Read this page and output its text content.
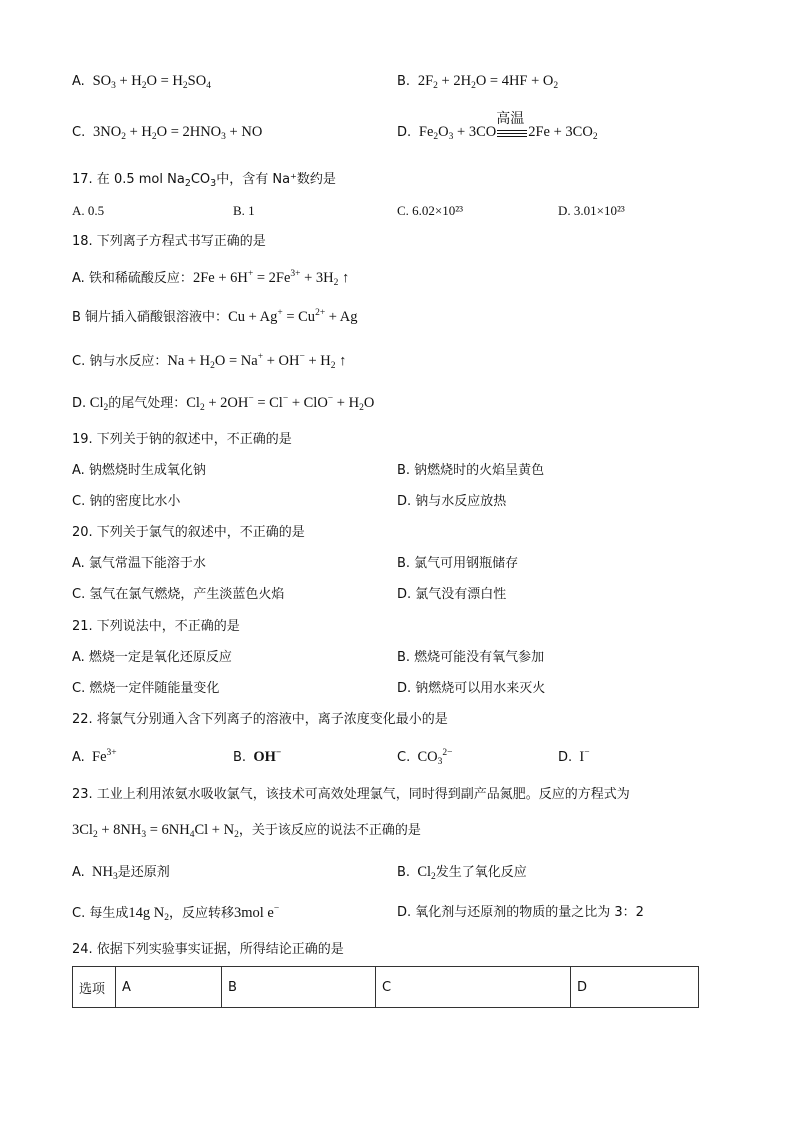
A.  $SO_3 + H_2O = H_2SO_4$	B.  $2F_2 + 2H_2O = 4HF + O_2$
C.  $3NO_2 + H_2O = 2HNO_3$ + NO	D.  $Fe_2O_3 + 3CO$
高温
$2Fe + 3CO_2$
17. 在 0.5 mol $Na_2CO_3$中，含有 Na⁺数约是
A. 0.5	B. 1	C. 6.02×10²³	D. 3.01×10²³
18. 下列离子方程式书写正确的是
A. 铁和稀硫酸反应：$2Fe + 6H^+ = 2Fe^{3+} + 3H_2$ ↑
B 铜片插入硝酸银溶液中：$Cu + Ag^+ = Cu^{2+} + Ag$
C. 钠与水反应：$Na + H_2O = Na^+ + OH^- + H_2$ ↑
D. $Cl_2$的尾气处理：$Cl_2 + 2OH^- = Cl^- + ClO^- + H_2O$
19. 下列关于钠的叙述中，不正确的是
A. 钠燃烧时生成氧化钠	B. 钠燃烧时的火焰呈黄色
C. 钠的密度比水小	D. 钠与水反应放热
20. 下列关于氯气的叙述中，不正确的是
A. 氯气常温下能溶于水	B. 氯气可用钢瓶储存
C. 氢气在氯气燃烧，产生淡蓝色火焰	D. 氯气没有漂白性
21. 下列说法中，不正确的是
A. 燃烧一定是氧化还原反应	B. 燃烧可能没有氧气参加
C. 燃烧一定伴随能量变化	D. 钠燃烧可以用水来灭火
22. 将氯气分别通入含下列离子的溶液中，离子浓度变化最小的是
A.  $Fe^{3+}$	B.  OH−	C.  $CO_3^{2-}$	D.  I−
23. 工业上利用浓氨水吸收氯气，该技术可高效处理氯气，同时得到副产品氮肥。反应的方程式为
$3Cl_2 + 8NH_3 = 6NH_4Cl + N_2$，关于该反应的说法不正确的是
A.  $NH_3$是还原剂	B.  $Cl_2$发生了氧化反应
C. 每生成14g $N_2$，反应转移3mol e−	D. 氧化剂与还原剂的物质的量之比为 3：2
24. 依据下列实验事实证据，所得结论正确的是
选项	A	B	C	D
